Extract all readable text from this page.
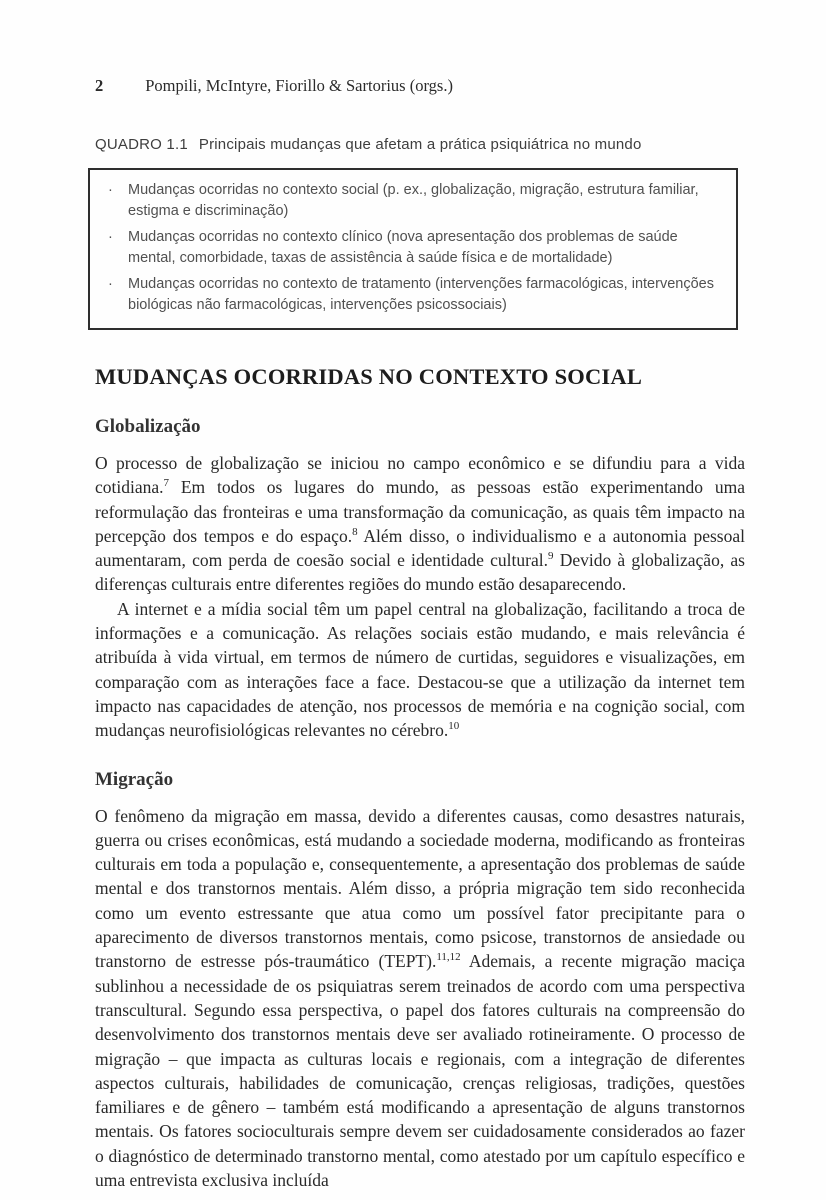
2	Pompili, McIntyre, Fiorillo & Sartorius (orgs.)
QUADRO 1.1 Principais mudanças que afetam a prática psiquiátrica no mundo
·	Mudanças ocorridas no contexto social (p. ex., globalização, migração, estrutura familiar, estigma e discriminação)
·	Mudanças ocorridas no contexto clínico (nova apresentação dos problemas de saúde mental, comorbidade, taxas de assistência à saúde física e de mortalidade)
·	Mudanças ocorridas no contexto de tratamento (intervenções farmacológicas, intervenções biológicas não farmacológicas, intervenções psicossociais)
MUDANÇAS OCORRIDAS NO CONTEXTO SOCIAL
Globalização

O processo de globalização se iniciou no campo econômico e se difundiu para a vida cotidiana.$^7$ Em todos os lugares do mundo, as pessoas estão experimentando uma reformulação das fronteiras e uma transformação da comunicação, as quais têm impacto na percepção dos tempos e do espaço.$^8$ Além disso, o individualismo e a autonomia pessoal aumentaram, com perda de coesão social e identidade cultural.$^9$ Devido à globalização, as diferenças culturais entre diferentes regiões do mundo estão desaparecendo.

A internet e a mídia social têm um papel central na globalização, facilitando a troca de informações e a comunicação. As relações sociais estão mudando, e mais relevância é atribuída à vida virtual, em termos de número de curtidas, seguidores e visualizações, em comparação com as interações face a face. Destacou-se que a utilização da internet tem impacto nas capacidades de atenção, nos processos de memória e na cognição social, com mudanças neurofisiológicas relevantes no cérebro.$^{10}$

Migração

O fenômeno da migração em massa, devido a diferentes causas, como desastres naturais, guerra ou crises econômicas, está mudando a sociedade moderna, modificando as fronteiras culturais em toda a população e, consequentemente, a apresentação dos problemas de saúde mental e dos transtornos mentais. Além disso, a própria migração tem sido reconhecida como um evento estressante que atua como um possível fator precipitante para o aparecimento de diversos transtornos mentais, como psicose, transtornos de ansiedade ou transtorno de estresse pós-traumático (TEPT).$^{11,12}$ Ademais, a recente migração maciça sublinhou a necessidade de os psiquiatras serem treinados de acordo com uma perspectiva transcultural. Segundo essa perspectiva, o papel dos fatores culturais na compreensão do desenvolvimento dos transtornos mentais deve ser avaliado rotineiramente. O processo de migração – que impacta as culturas locais e regionais, com a integração de diferentes aspectos culturais, habilidades de comunicação, crenças religiosas, tradições, questões familiares e de gênero – também está modificando a apresentação de alguns transtornos mentais. Os fatores socioculturais sempre devem ser cuidadosamente considerados ao fazer o diagnóstico de determinado transtorno mental, como atestado por um capítulo específico e uma entrevista exclusiva incluída
